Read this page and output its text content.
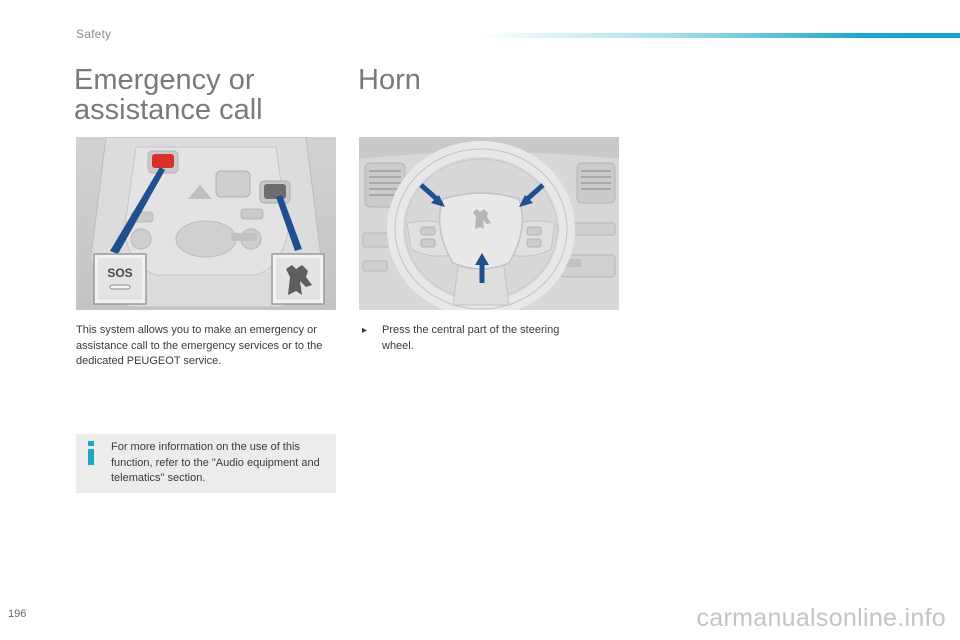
Safety
Emergency or assistance call
Horn
SOS

This system allows you to make an emergency or assistance call to the emergency services or to the dedicated PEUGEOT service.

▸	Press the central part of the steering wheel.
For more information on the use of this function, refer to the "Audio equipment and telematics" section.
196	carmanualsonline.info
